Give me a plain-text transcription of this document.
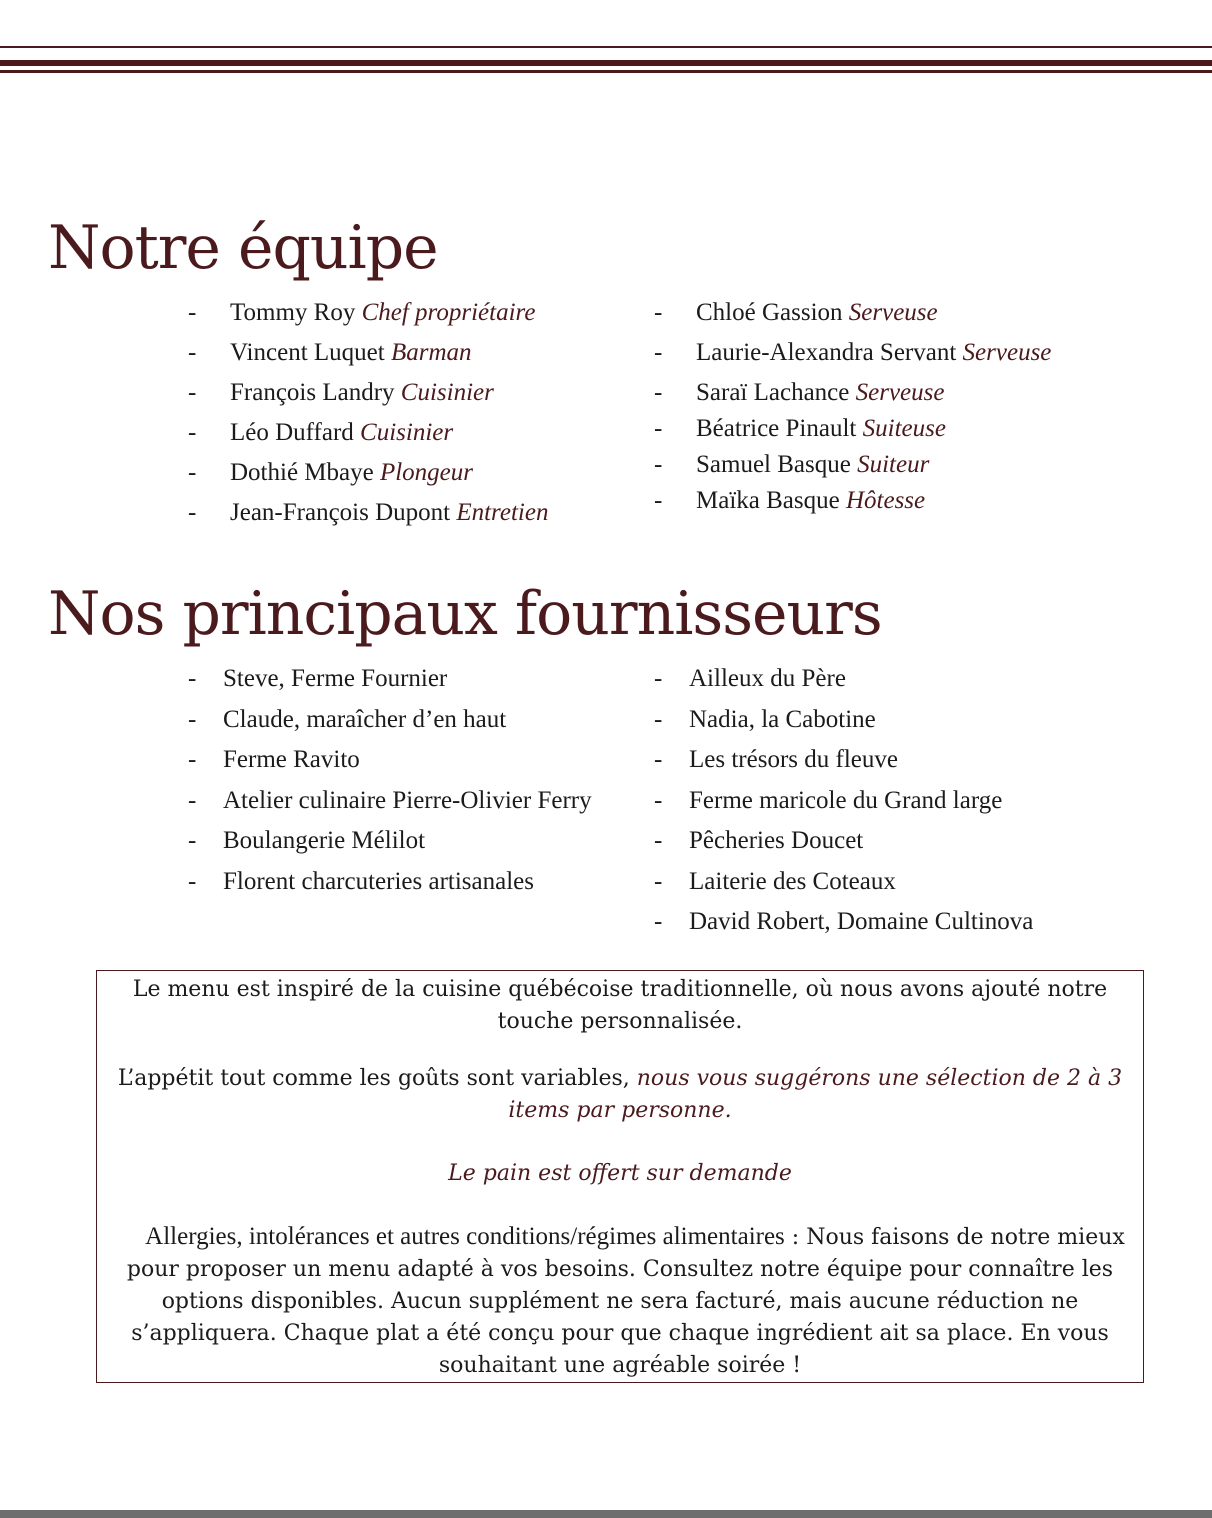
Notre équipe
- Tommy Roy Chef propriétaire
- Vincent Luquet Barman
- François Landry Cuisinier
- Léo Duffard Cuisinier
- Dothié Mbaye Plongeur
- Jean-François Dupont Entretien
- Chloé Gassion Serveuse
- Laurie-Alexandra Servant Serveuse
- Saraï Lachance Serveuse
- Béatrice Pinault Suiteuse
- Samuel Basque Suiteur
- Maïka Basque Hôtesse
Nos principaux fournisseurs
- Steve, Ferme Fournier
- Claude, maraîcher d’en haut
- Ferme Ravito
- Atelier culinaire Pierre-Olivier Ferry
- Boulangerie Mélilot
- Florent charcuteries artisanales
- Ailleux du Père
- Nadia, la Cabotine
- Les trésors du fleuve
- Ferme maricole du Grand large
- Pêcheries Doucet
- Laiterie des Coteaux
- David Robert, Domaine Cultinova

Le menu est inspiré de la cuisine québécoise traditionnelle, où nous avons ajouté notre touche personnalisée.

L’appétit tout comme les goûts sont variables, nous vous suggérons une sélection de 2 à 3 items par personne.

Le pain est offert sur demande

Allergies, intolérances et autres conditions/régimes alimentaires : Nous faisons de notre mieux pour proposer un menu adapté à vos besoins. Consultez notre équipe pour connaître les options disponibles. Aucun supplément ne sera facturé, mais aucune réduction ne s’appliquera. Chaque plat a été conçu pour que chaque ingrédient ait sa place. En vous souhaitant une agréable soirée !
